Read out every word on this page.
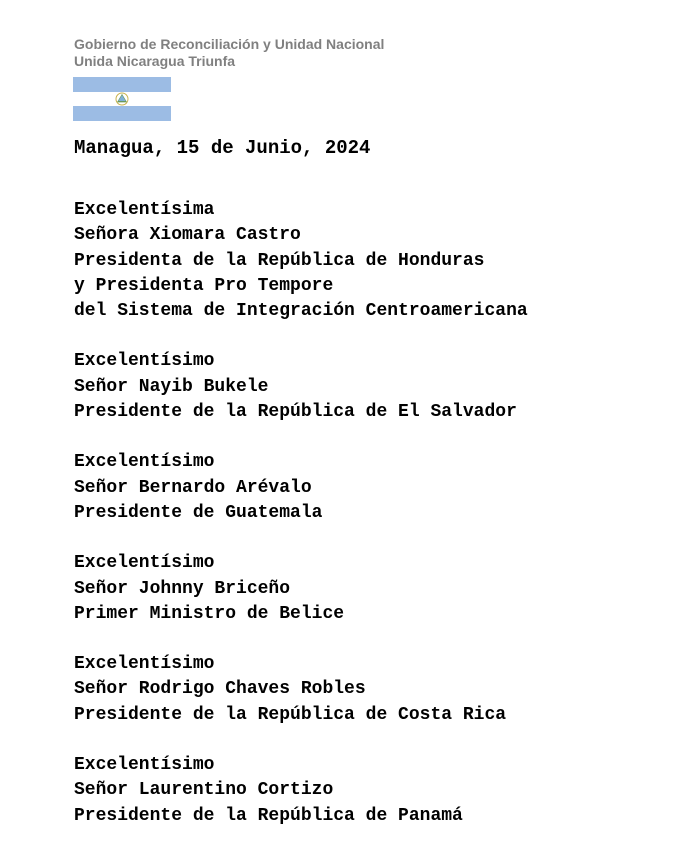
Gobierno de Reconciliación y Unidad Nacional
Unida Nicaragua Triunfa
Managua, 15 de Junio, 2024
Excelentísima
Señora Xiomara Castro
Presidenta de la República de Honduras
y Presidenta Pro Tempore
del Sistema de Integración Centroamericana
Excelentísimo
Señor Nayib Bukele
Presidente de la República de El Salvador
Excelentísimo
Señor Bernardo Arévalo
Presidente de Guatemala
Excelentísimo
Señor Johnny Briceño
Primer Ministro de Belice
Excelentísimo
Señor Rodrigo Chaves Robles
Presidente de la República de Costa Rica
Excelentísimo
Señor Laurentino Cortizo
Presidente de la República de Panamá
